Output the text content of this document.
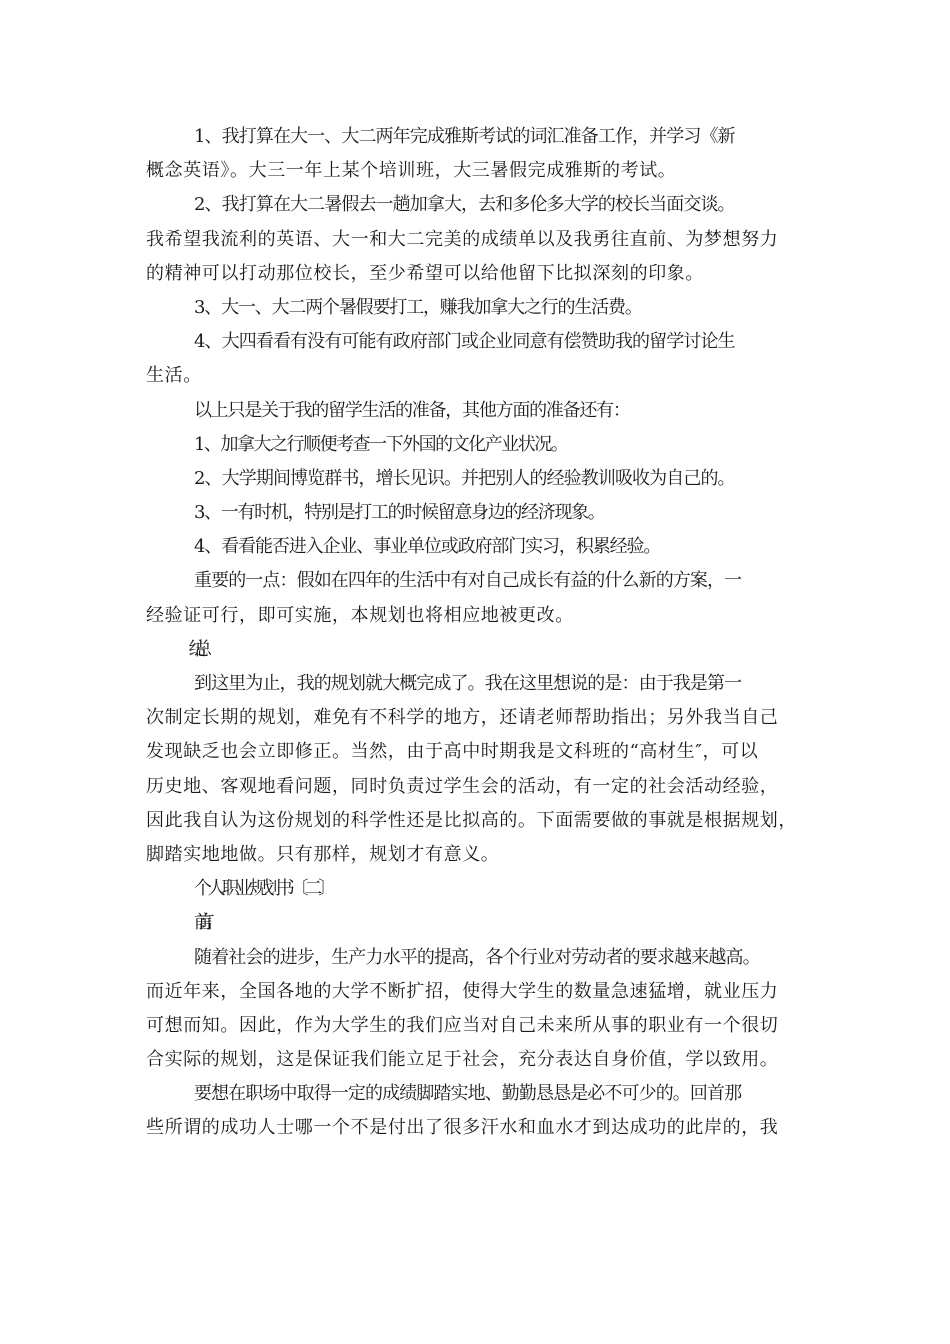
1、我打算在大一、大二两年完成雅斯考试的词汇准备工作，并学习《新
概念英语》。大三一年上某个培训班，大三暑假完成雅斯的考试。
2、我打算在大二暑假去一趟加拿大，去和多伦多大学的校长当面交谈。
我希望我流利的英语、大一和大二完美的成绩单以及我勇往直前、为梦想努力
的精神可以打动那位校长，至少希望可以给他留下比拟深刻的印象。
3、大一、大二两个暑假要打工，赚我加拿大之行的生活费。
4、大四看看有没有可能有政府部门或企业同意有偿赞助我的留学讨论生
生活。
以上只是关于我的留学生活的准备，其他方面的准备还有：
1、加拿大之行顺便考查一下外国的文化产业状况。
2、大学期间博览群书，增长见识。并把别人的经验教训吸收为自己的。
3、一有时机，特别是打工的时候留意身边的经济现象。
4、看看能否进入企业、事业单位或政府部门实习，积累经验。
重要的一点：假如在四年的生活中有对自己成长有益的什么新的方案，一
经验证可行，即可实施，本规划也将相应地被更改。
到这里为止，我的规划就大概完成了。我在这里想说的是：由于我是第一
次制定长期的规划，难免有不科学的地方，还请老师帮助指出；另外我当自己
发现缺乏也会立即修正。当然，由于高中时期我是文科班的“高材生″，可以
历史地、客观地看问题，同时负责过学生会的活动，有一定的社会活动经验，
因此我自认为这份规划的科学性还是比拟高的。下面需要做的事就是根据规划，
脚踏实地地做。只有那样，规划才有意义。
个人职业规划书〔二〕
前言：
随着社会的进步，生产力水平的提高，各个行业对劳动者的要求越来越高。
而近年来，全国各地的大学不断扩招，使得大学生的数量急速猛增，就业压力
可想而知。因此，作为大学生的我们应当对自己未来所从事的职业有一个很切
合实际的规划，这是保证我们能立足于社会，充分表达自身价值，学以致用。
要想在职场中取得一定的成绩脚踏实地、勤勤恳恳是必不可少的。回首那
些所谓的成功人士哪一个不是付出了很多汗水和血水才到达成功的此岸的，我
